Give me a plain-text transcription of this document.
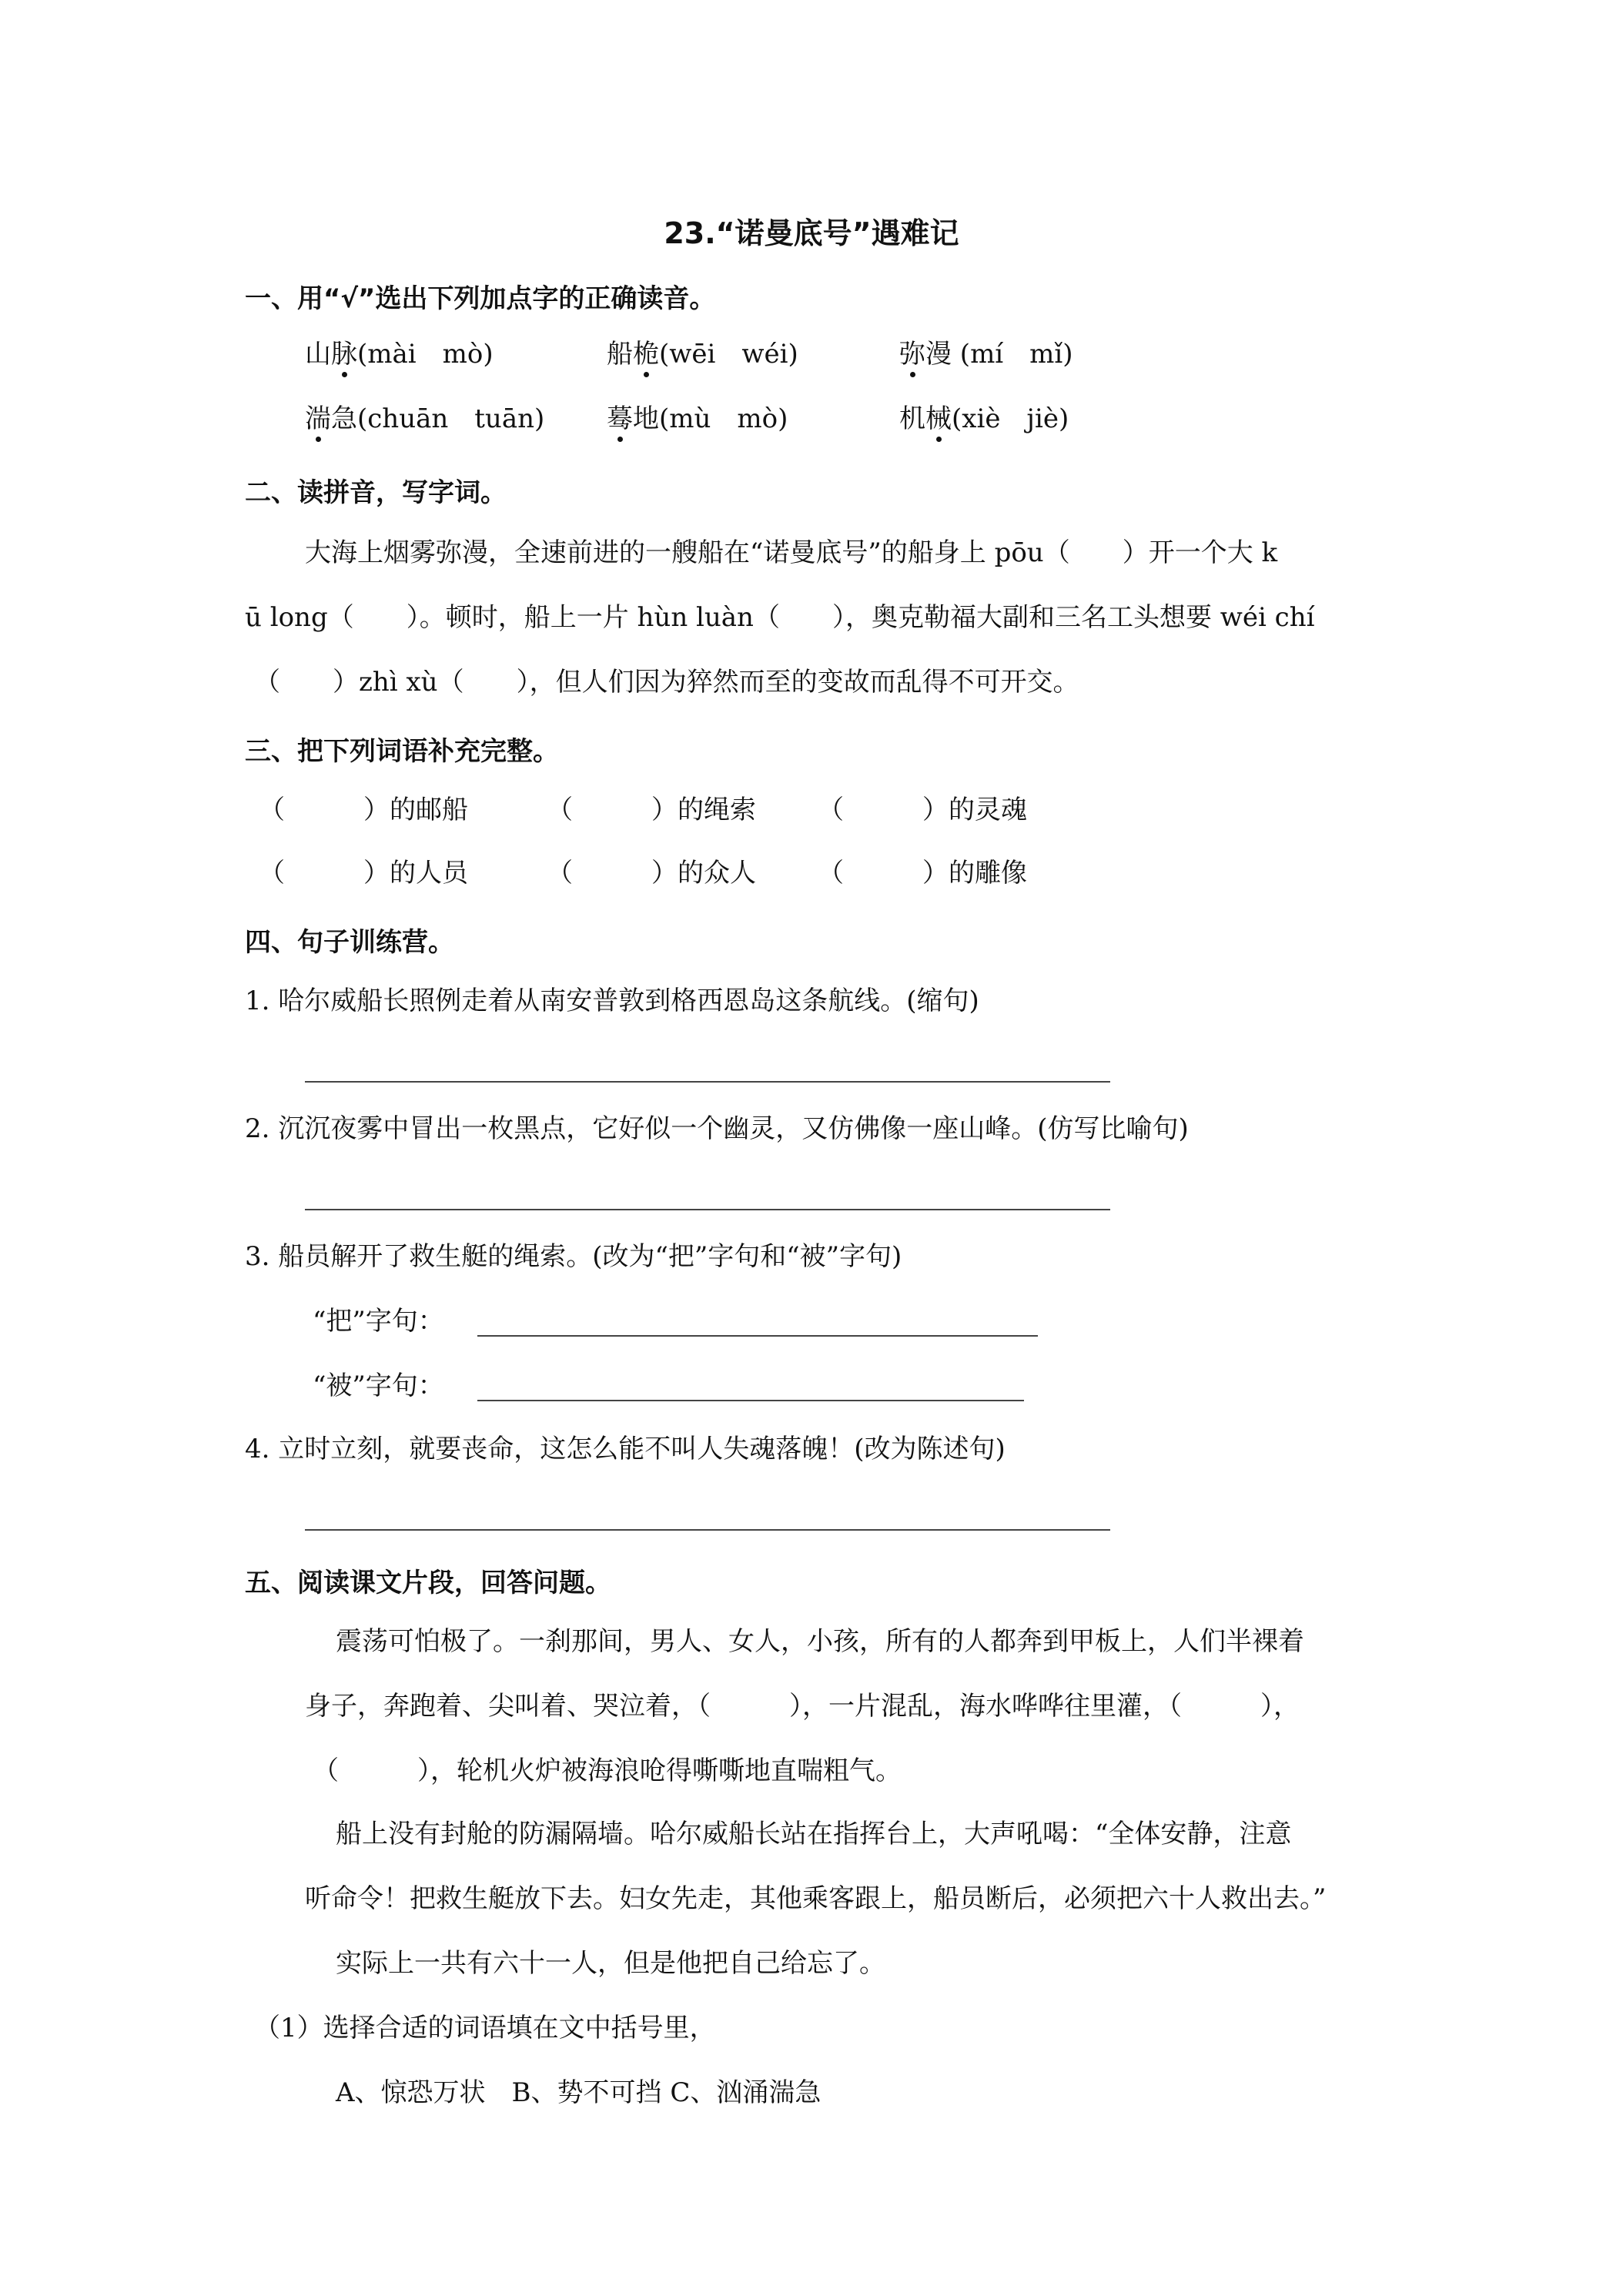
23.“诺曼底号”遇难记
一、用“√”选出下列加点字的正确读音。
山脉(mài　mò)	船桅(wēi　wéi)	弥漫 (mí　mǐ)
湍急(chuān　tuān) 蓦地(mù　mò)	机械(xiè　jiè)
二、读拼音，写字词。
大海上烟雾弥漫，全速前进的一艘船在“诺曼底号”的船身上 pōu（　　）开一个大 k
ū long（　　）。顿时，船上一片 hùn luàn（　　），奥克勒福大副和三名工头想要 wéi chí
（　　）zhì xù（　　），但人们因为猝然而至的变故而乱得不可开交。
三、把下列词语补充完整。
（　　　）的邮船	（　　　）的绳索 （　　　）的灵魂
（　　　）的人员	（　　　）的众人 （　　　）的雕像
四、句子训练营。
1. 哈尔威船长照例走着从南安普敦到格西恩岛这条航线。(缩句)
2. 沉沉夜雾中冒出一枚黑点，它好似一个幽灵，又仿佛像一座山峰。(仿写比喻句)
3. 船员解开了救生艇的绳索。(改为“把”字句和“被”字句)
“把”字句：
“被”字句：
4. 立时立刻，就要丧命，这怎么能不叫人失魂落魄！(改为陈述句)
五、阅读课文片段，回答问题。
震荡可怕极了。一刹那间，男人、女人，小孩，所有的人都奔到甲板上，人们半裸着
身子，奔跑着、尖叫着、哭泣着，（　　　），一片混乱，海水哗哗往里灌，（　　　），
（　　　），轮机火炉被海浪呛得嘶嘶地直喘粗气。
船上没有封舱的防漏隔墙。哈尔威船长站在指挥台上，大声吼喝：“全体安静，注意
听命令！把救生艇放下去。妇女先走，其他乘客跟上，船员断后，必须把六十人救出去。”
实际上一共有六十一人，但是他把自己给忘了。
（1）选择合适的词语填在文中括号里，
A、惊恐万状　B、势不可挡 C、汹涌湍急
